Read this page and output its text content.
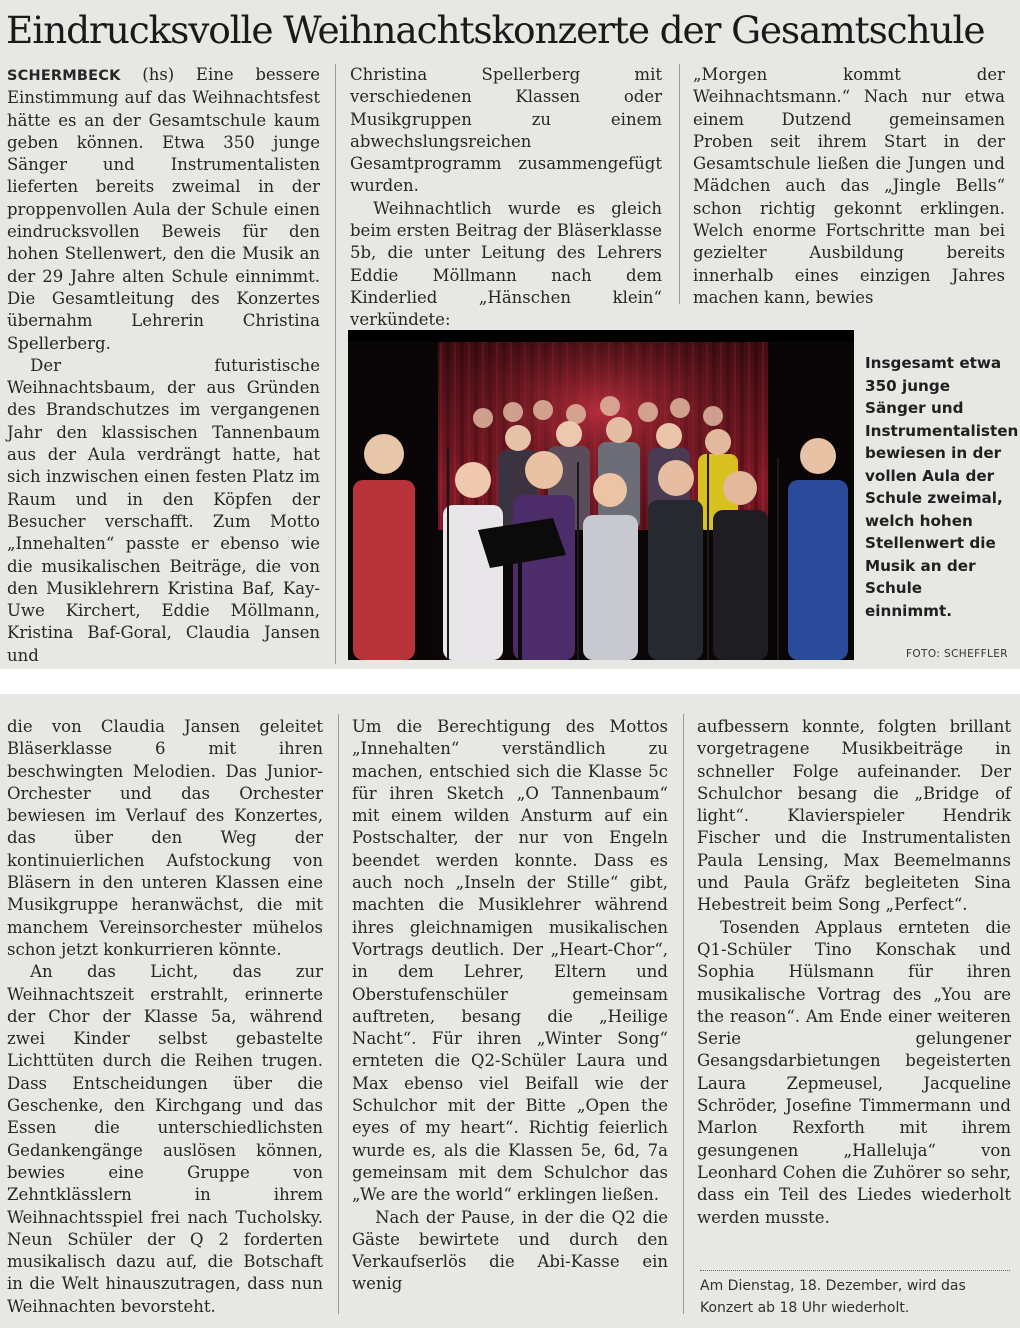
Eindrucksvolle Weihnachtskonzerte der Gesamtschule

SCHERMBECK (hs) Eine bessere Einstimmung auf das Weihnachtsfest hätte es an der Gesamtschule kaum geben können. Etwa 350 junge Sänger und Instrumentalisten lieferten bereits zweimal in der proppenvollen Aula der Schule einen eindrucksvollen Beweis für den hohen Stellenwert, den die Musik an der 29 Jahre alten Schule einnimmt. Die Gesamtleitung des Konzertes übernahm Lehrerin Christina Spellerberg.

Der futuristische Weihnachtsbaum, der aus Gründen des Brandschutzes im vergangenen Jahr den klassischen Tannenbaum aus der Aula verdrängt hatte, hat sich inzwischen einen festen Platz im Raum und in den Köpfen der Besucher verschafft. Zum Motto „Innehalten“ passte er ebenso wie die musikalischen Beiträge, die von den Musiklehrern Kristina Baf, Kay-Uwe Kirchert, Eddie Möllmann, Kristina Baf-Goral, Claudia Jansen und

Christina Spellerberg mit verschiedenen Klassen oder Musikgruppen zu einem abwechslungsreichen Gesamtprogramm zusammengefügt wurden.

Weihnachtlich wurde es gleich beim ersten Beitrag der Bläserklasse 5b, die unter Leitung des Lehrers Eddie Möllmann nach dem Kinderlied „Hänschen klein“ verkündete:

„Morgen kommt der Weihnachtsmann.“ Nach nur etwa einem Dutzend gemeinsamen Proben seit ihrem Start in der Gesamtschule ließen die Jungen und Mädchen auch das „Jingle Bells“ schon richtig gekonnt erklingen. Welch enorme Fortschritte man bei gezielter Ausbildung bereits innerhalb eines einzigen Jahres machen kann, bewies

Insgesamt etwa 350 junge Sänger und Instrumentalisten bewiesen in der vollen Aula der Schule zweimal, welch hohen Stellenwert die Musik an der Schule einnimmt.
FOTO: SCHEFFLER

die von Claudia Jansen geleitet Bläserklasse 6 mit ihren beschwingten Melodien. Das Junior-Orchester und das Orchester bewiesen im Verlauf des Konzertes, das über den Weg der kontinuierlichen Aufstockung von Bläsern in den unteren Klassen eine Musikgruppe heranwächst, die mit manchem Vereinsorchester mühelos schon jetzt konkurrieren könnte.

An das Licht, das zur Weihnachtszeit erstrahlt, erinnerte der Chor der Klasse 5a, während zwei Kinder selbst gebastelte Lichttüten durch die Reihen trugen. Dass Entscheidungen über die Geschenke, den Kirchgang und das Essen die unterschiedlichsten Gedankengänge auslösen können, bewies eine Gruppe von Zehntklässlern in ihrem Weihnachtsspiel frei nach Tucholsky. Neun Schüler der Q 2 forderten musikalisch dazu auf, die Botschaft in die Welt hinauszutragen, dass nun Weihnachten bevorsteht.

Um die Berechtigung des Mottos „Innehalten“ verständlich zu machen, entschied sich die Klasse 5c für ihren Sketch „O Tannenbaum“ mit einem wilden Ansturm auf ein Postschalter, der nur von Engeln beendet werden konnte. Dass es auch noch „Inseln der Stille“ gibt, machten die Musiklehrer während ihres gleichnamigen musikalischen Vortrags deutlich. Der „Heart-Chor“, in dem Lehrer, Eltern und Oberstufenschüler gemeinsam auftreten, besang die „Heilige Nacht“. Für ihren „Winter Song“ ernteten die Q2-Schüler Laura und Max ebenso viel Beifall wie der Schulchor mit der Bitte „Open the eyes of my heart“. Richtig feierlich wurde es, als die Klassen 5e, 6d, 7a gemeinsam mit dem Schulchor das „We are the world“ erklingen ließen.

Nach der Pause, in der die Q2 die Gäste bewirtete und durch den Verkaufserlös die Abi-Kasse ein wenig

aufbessern konnte, folgten brillant vorgetragene Musikbeiträge in schneller Folge aufeinander. Der Schulchor besang die „Bridge of light“. Klavierspieler Hendrik Fischer und die Instrumentalisten Paula Lensing, Max Beemelmanns und Paula Gräfz begleiteten Sina Hebestreit beim Song „Perfect“.

Tosenden Applaus ernteten die Q1-Schüler Tino Konschak und Sophia Hülsmann für ihren musikalische Vortrag des „You are the reason“. Am Ende einer weiteren Serie gelungener Gesangsdarbietungen begeisterten Laura Zepmeusel, Jacqueline Schröder, Josefine Timmermann und Marlon Rexforth mit ihrem gesungenen „Halleluja“ von Leonhard Cohen die Zuhörer so sehr, dass ein Teil des Liedes wiederholt werden musste.

Am Dienstag, 18. Dezember, wird das Konzert ab 18 Uhr wiederholt.
